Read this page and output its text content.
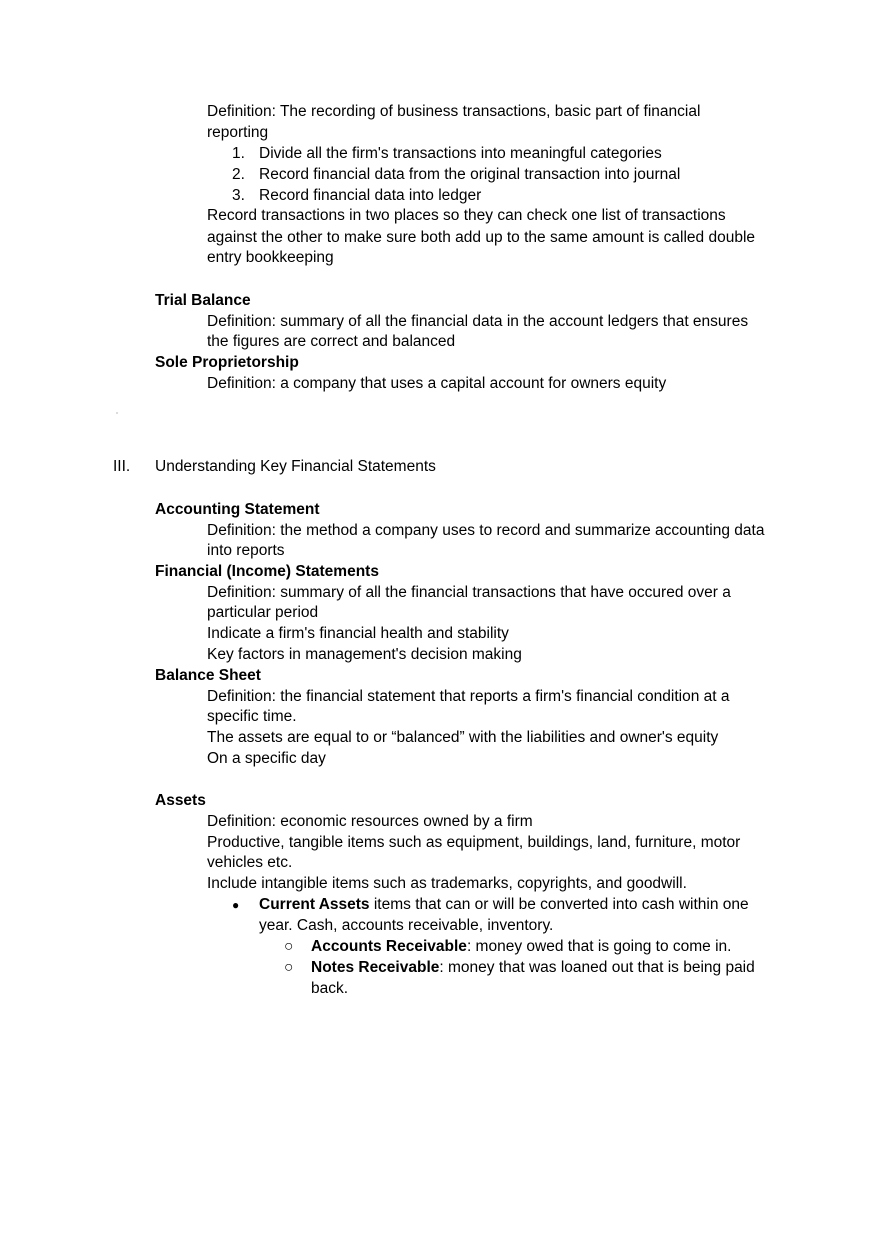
Definition: The recording of business transactions, basic part of financial
reporting
1. Divide all the firm's transactions into meaningful categories
2. Record financial data from the original transaction into journal
3. Record financial data into ledger
Record transactions in two places so they can check one list of transactions
against the other to make sure both add up to the same amount is called double
entry bookkeeping
Trial Balance
Definition: summary of all the financial data in the account ledgers that ensures
the figures are correct and balanced
Sole Proprietorship
Definition: a company that uses a capital account for owners equity
III. Understanding Key Financial Statements
Accounting Statement
Definition: the method a company uses to record and summarize accounting data
into reports
Financial (Income) Statements
Definition: summary of all the financial transactions that have occured over a
particular period
Indicate a firm's financial health and stability
Key factors in management's decision making
Balance Sheet
Definition: the financial statement that reports a firm's financial condition at a
specific time.
The assets are equal to or “balanced” with the liabilities and owner's equity
On a specific day
Assets
Definition: economic resources owned by a firm
Productive, tangible items such as equipment, buildings, land, furniture, motor
vehicles etc.
Include intangible items such as trademarks, copyrights, and goodwill.
●	Current Assets items that can or will be converted into cash within one
year. Cash, accounts receivable, inventory.
○	Accounts Receivable: money owed that is going to come in.
○	Notes Receivable: money that was loaned out that is being paid
back.
